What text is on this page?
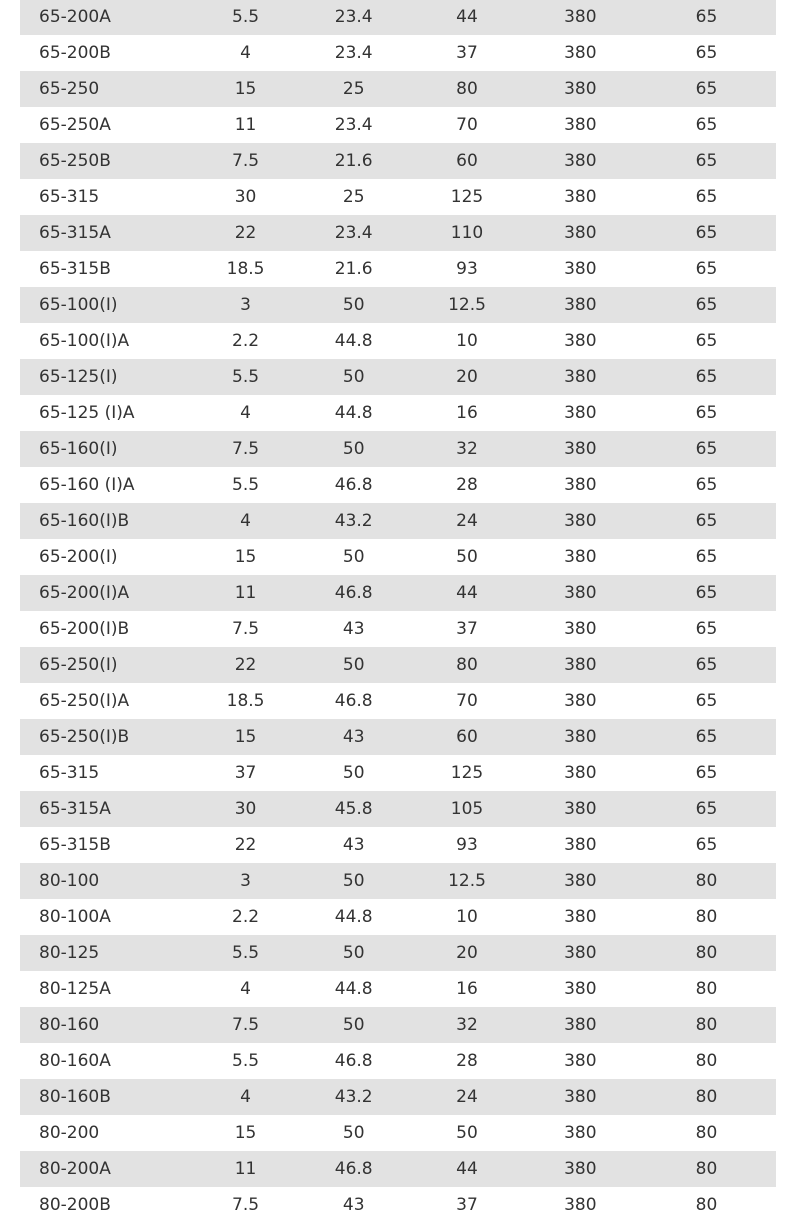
65-200A	5.5	23.4	44	380	65
65-200B	4	23.4	37	380	65
65-250	15	25	80	380	65
65-250A	11	23.4	70	380	65
65-250B	7.5	21.6	60	380	65
65-315	30	25	125	380	65
65-315A	22	23.4	110	380	65
65-315B	18.5	21.6	93	380	65
65-100(I)	3	50	12.5	380	65
65-100(I)A	2.2	44.8	10	380	65
65-125(I)	5.5	50	20	380	65
65-125 (I)A	4	44.8	16	380	65
65-160(I)	7.5	50	32	380	65
65-160 (I)A	5.5	46.8	28	380	65
65-160(I)B	4	43.2	24	380	65
65-200(I)	15	50	50	380	65
65-200(I)A	11	46.8	44	380	65
65-200(I)B	7.5	43	37	380	65
65-250(I)	22	50	80	380	65
65-250(I)A	18.5	46.8	70	380	65
65-250(I)B	15	43	60	380	65
65-315	37	50	125	380	65
65-315A	30	45.8	105	380	65
65-315B	22	43	93	380	65
80-100	3	50	12.5	380	80
80-100A	2.2	44.8	10	380	80
80-125	5.5	50	20	380	80
80-125A	4	44.8	16	380	80
80-160	7.5	50	32	380	80
80-160A	5.5	46.8	28	380	80
80-160B	4	43.2	24	380	80
80-200	15	50	50	380	80
80-200A	11	46.8	44	380	80
80-200B	7.5	43	37	380	80
